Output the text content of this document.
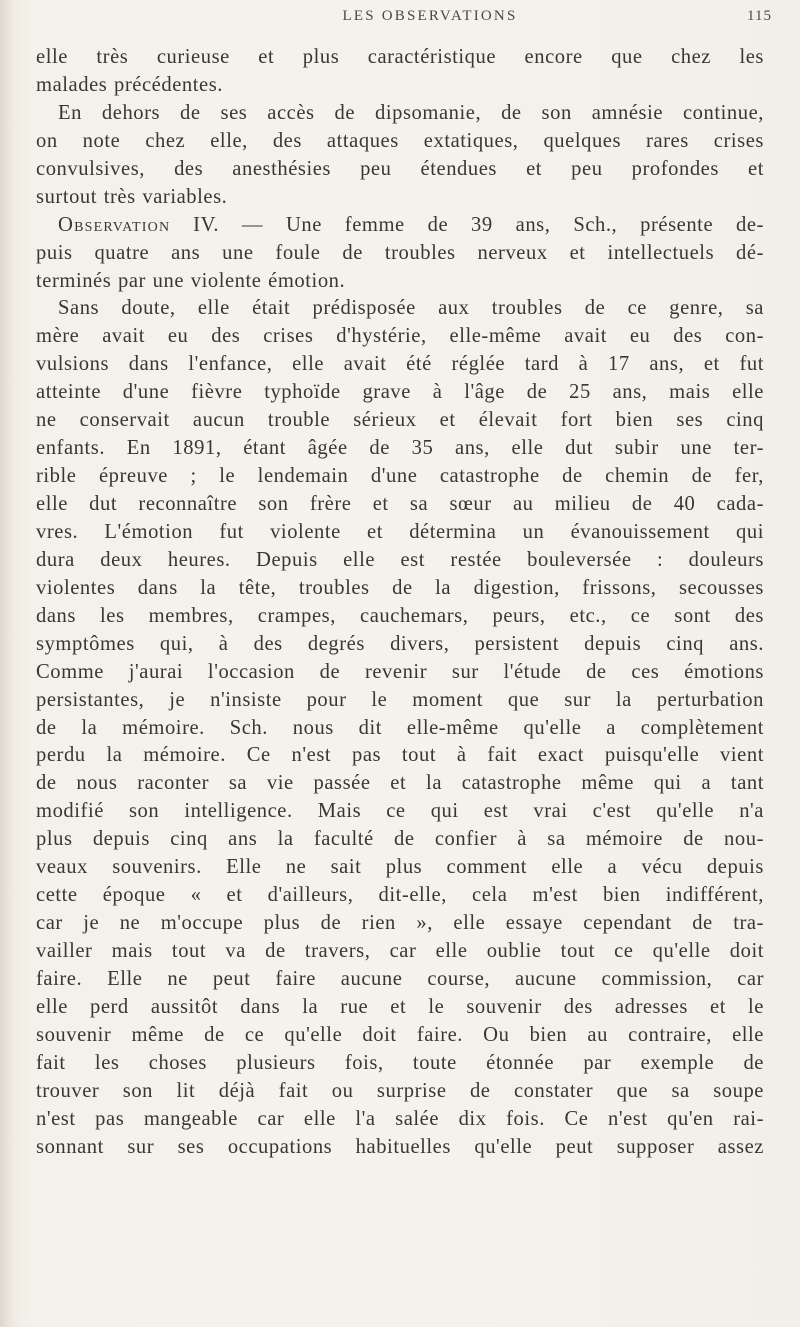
LES OBSERVATIONS	115
elle très curieuse et plus caractéristique encore que chez les
malades précédentes.
En dehors de ses accès de dipsomanie, de son amnésie continue,
on note chez elle, des attaques extatiques, quelques rares crises
convulsives, des anesthésies peu étendues et peu profondes et
surtout très variables.
Observation IV. — Une femme de 39 ans, Sch., présente de-
puis quatre ans une foule de troubles nerveux et intellectuels dé-
terminés par une violente émotion.
Sans doute, elle était prédisposée aux troubles de ce genre, sa
mère avait eu des crises d'hystérie, elle-même avait eu des con-
vulsions dans l'enfance, elle avait été réglée tard à 17 ans, et fut
atteinte d'une fièvre typhoïde grave à l'âge de 25 ans, mais elle
ne conservait aucun trouble sérieux et élevait fort bien ses cinq
enfants. En 1891, étant âgée de 35 ans, elle dut subir une ter-
rible épreuve ; le lendemain d'une catastrophe de chemin de fer,
elle dut reconnaître son frère et sa sœur au milieu de 40 cada-
vres. L'émotion fut violente et détermina un évanouissement qui
dura deux heures. Depuis elle est restée bouleversée : douleurs
violentes dans la tête, troubles de la digestion, frissons, secousses
dans les membres, crampes, cauchemars, peurs, etc., ce sont des
symptômes qui, à des degrés divers, persistent depuis cinq ans.
Comme j'aurai l'occasion de revenir sur l'étude de ces émotions
persistantes, je n'insiste pour le moment que sur la perturbation
de la mémoire. Sch. nous dit elle-même qu'elle a complètement
perdu la mémoire. Ce n'est pas tout à fait exact puisqu'elle vient
de nous raconter sa vie passée et la catastrophe même qui a tant
modifié son intelligence. Mais ce qui est vrai c'est qu'elle n'a
plus depuis cinq ans la faculté de confier à sa mémoire de nou-
veaux souvenirs. Elle ne sait plus comment elle a vécu depuis
cette époque « et d'ailleurs, dit-elle, cela m'est bien indifférent,
car je ne m'occupe plus de rien », elle essaye cependant de tra-
vailler mais tout va de travers, car elle oublie tout ce qu'elle doit
faire. Elle ne peut faire aucune course, aucune commission, car
elle perd aussitôt dans la rue et le souvenir des adresses et le
souvenir même de ce qu'elle doit faire. Ou bien au contraire, elle
fait les choses plusieurs fois, toute étonnée par exemple de
trouver son lit déjà fait ou surprise de constater que sa soupe
n'est pas mangeable car elle l'a salée dix fois. Ce n'est qu'en rai-
sonnant sur ses occupations habituelles qu'elle peut supposer assez
